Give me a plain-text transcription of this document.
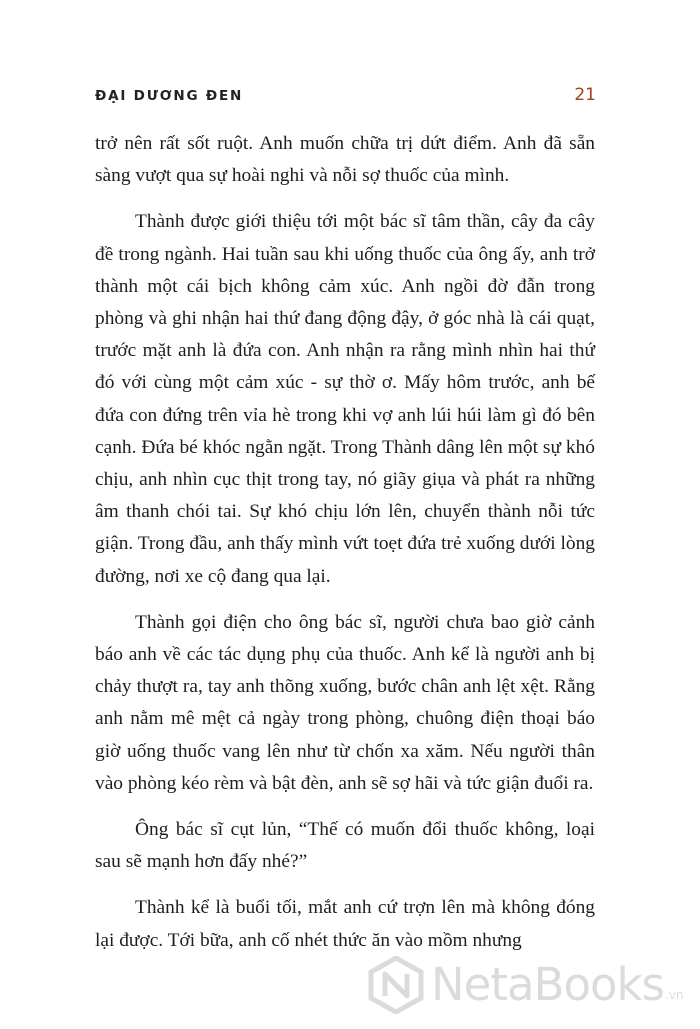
ĐẠI DƯƠNG ĐEN	21

trở nên rất sốt ruột. Anh muốn chữa trị dứt điểm. Anh đã sẵn sàng vượt qua sự hoài nghi và nỗi sợ thuốc của mình.

Thành được giới thiệu tới một bác sĩ tâm thần, cây đa cây đề trong ngành. Hai tuần sau khi uống thuốc của ông ấy, anh trở thành một cái bịch không cảm xúc. Anh ngồi đờ đẫn trong phòng và ghi nhận hai thứ đang động đậy, ở góc nhà là cái quạt, trước mặt anh là đứa con. Anh nhận ra rằng mình nhìn hai thứ đó với cùng một cảm xúc - sự thờ ơ. Mấy hôm trước, anh bế đứa con đứng trên vỉa hè trong khi vợ anh lúi húi làm gì đó bên cạnh. Đứa bé khóc ngằn ngặt. Trong Thành dâng lên một sự khó chịu, anh nhìn cục thịt trong tay, nó giãy giụa và phát ra những âm thanh chói tai. Sự khó chịu lớn lên, chuyển thành nỗi tức giận. Trong đầu, anh thấy mình vứt toẹt đứa trẻ xuống dưới lòng đường, nơi xe cộ đang qua lại.

Thành gọi điện cho ông bác sĩ, người chưa bao giờ cảnh báo anh về các tác dụng phụ của thuốc. Anh kể là người anh bị chảy thượt ra, tay anh thõng xuống, bước chân anh lệt xệt. Rằng anh nằm mê mệt cả ngày trong phòng, chuông điện thoại báo giờ uống thuốc vang lên như từ chốn xa xăm. Nếu người thân vào phòng kéo rèm và bật đèn, anh sẽ sợ hãi và tức giận đuổi ra.

Ông bác sĩ cụt lủn, “Thế có muốn đổi thuốc không, loại sau sẽ mạnh hơn đấy nhé?”

Thành kể là buổi tối, mắt anh cứ trợn lên mà không đóng lại được. Tới bữa, anh cố nhét thức ăn vào mồm nhưng

NetaBooks .vn
